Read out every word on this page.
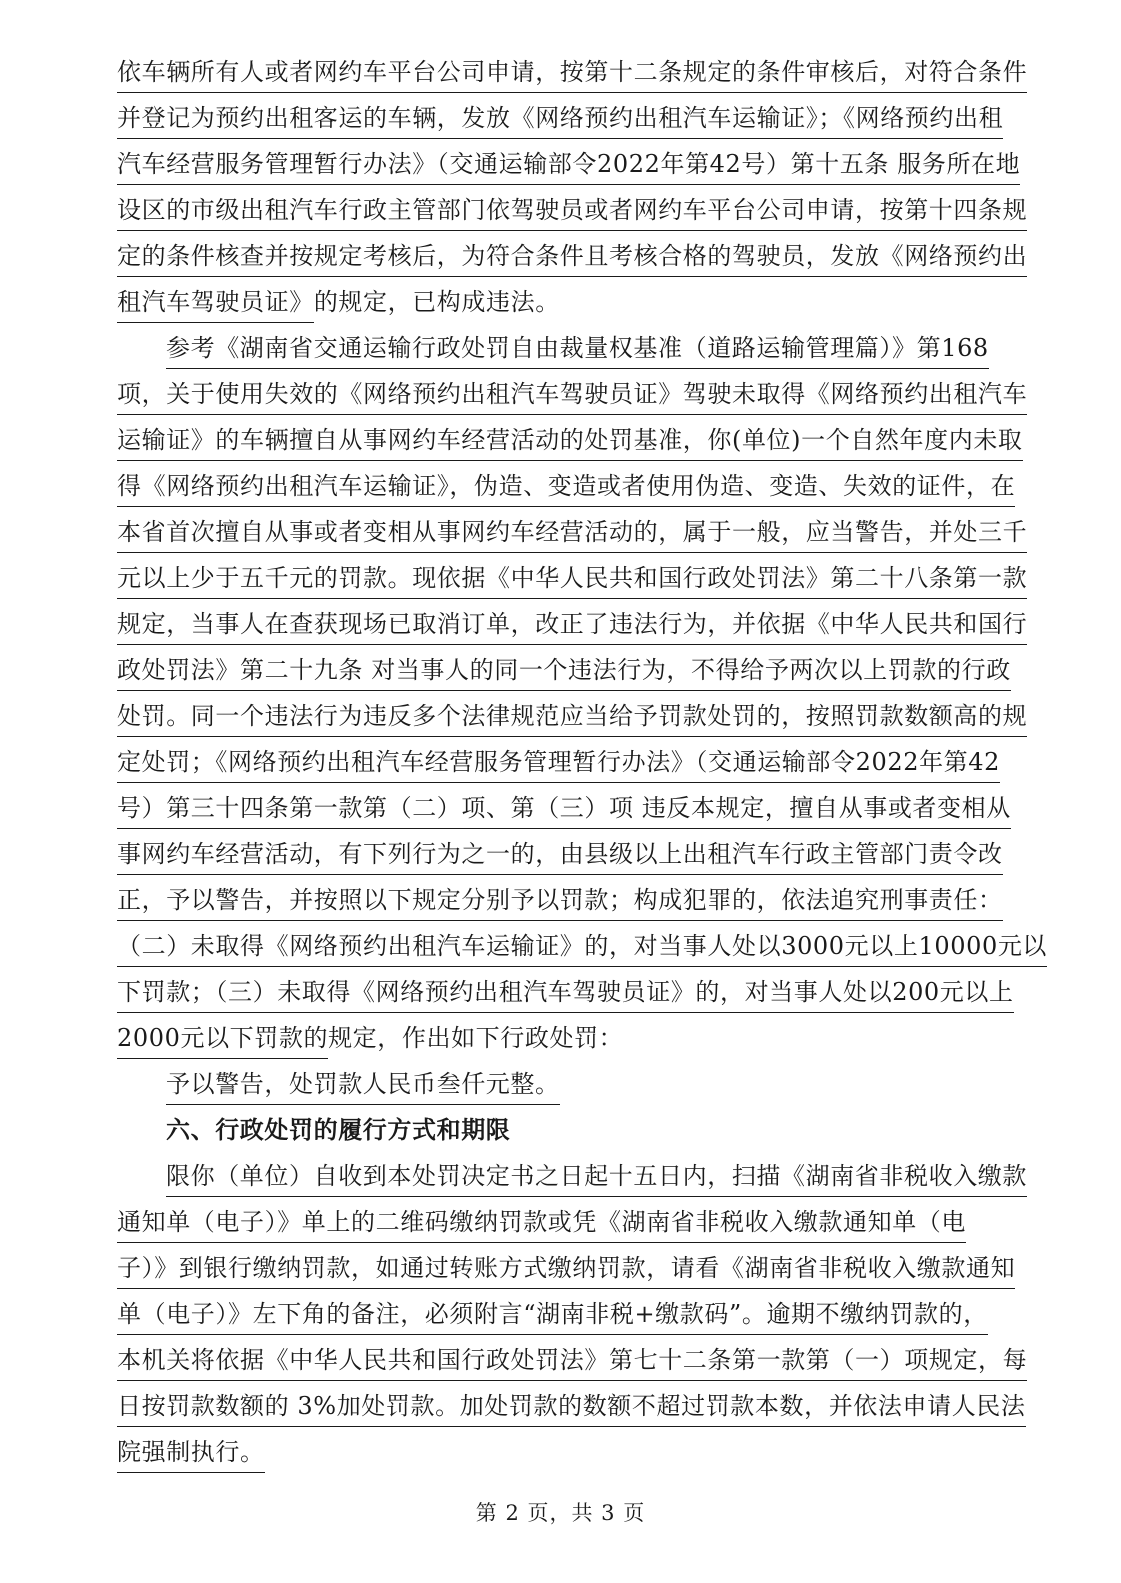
依车辆所有人或者网约车平台公司申请，按第十二条规定的条件审核后，对符合条件
并登记为预约出租客运的车辆，发放《网络预约出租汽车运输证》；《网络预约出租
汽车经营服务管理暂行办法》（交通运输部令2022年第42号）第十五条 服务所在地
设区的市级出租汽车行政主管部门依驾驶员或者网约车平台公司申请，按第十四条规
定的条件核查并按规定考核后，为符合条件且考核合格的驾驶员，发放《网络预约出
租汽车驾驶员证》的规定，已构成违法。
参考《湖南省交通运输行政处罚自由裁量权基准（道路运输管理篇）》第168
项，关于使用失效的《网络预约出租汽车驾驶员证》驾驶未取得《网络预约出租汽车
运输证》的车辆擅自从事网约车经营活动的处罚基准，你(单位)一个自然年度内未取
得《网络预约出租汽车运输证》，伪造、变造或者使用伪造、变造、失效的证件，在
本省首次擅自从事或者变相从事网约车经营活动的，属于一般，应当警告，并处三千
元以上少于五千元的罚款。现依据《中华人民共和国行政处罚法》第二十八条第一款
规定，当事人在查获现场已取消订单，改正了违法行为，并依据《中华人民共和国行
政处罚法》第二十九条 对当事人的同一个违法行为，不得给予两次以上罚款的行政
处罚。同一个违法行为违反多个法律规范应当给予罚款处罚的，按照罚款数额高的规
定处罚；《网络预约出租汽车经营服务管理暂行办法》（交通运输部令2022年第42
号）第三十四条第一款第（二）项、第（三）项 违反本规定，擅自从事或者变相从
事网约车经营活动，有下列行为之一的，由县级以上出租汽车行政主管部门责令改
正，予以警告，并按照以下规定分别予以罚款；构成犯罪的，依法追究刑事责任：
（二）未取得《网络预约出租汽车运输证》的，对当事人处以3000元以上10000元以
下罚款；（三）未取得《网络预约出租汽车驾驶员证》的，对当事人处以200元以上
2000元以下罚款的规定，作出如下行政处罚：
予以警告，处罚款人民币叁仟元整。
六、行政处罚的履行方式和期限
限你（单位）自收到本处罚决定书之日起十五日内，扫描《湖南省非税收入缴款
通知单（电子）》单上的二维码缴纳罚款或凭《湖南省非税收入缴款通知单（电
子）》到银行缴纳罚款，如通过转账方式缴纳罚款，请看《湖南省非税收入缴款通知
单（电子）》左下角的备注，必须附言“湖南非税+缴款码”。逾期不缴纳罚款的，
本机关将依据《中华人民共和国行政处罚法》第七十二条第一款第（一）项规定，每
日按罚款数额的 3%加处罚款。加处罚款的数额不超过罚款本数，并依法申请人民法
院强制执行。
第 2 页，共 3 页
